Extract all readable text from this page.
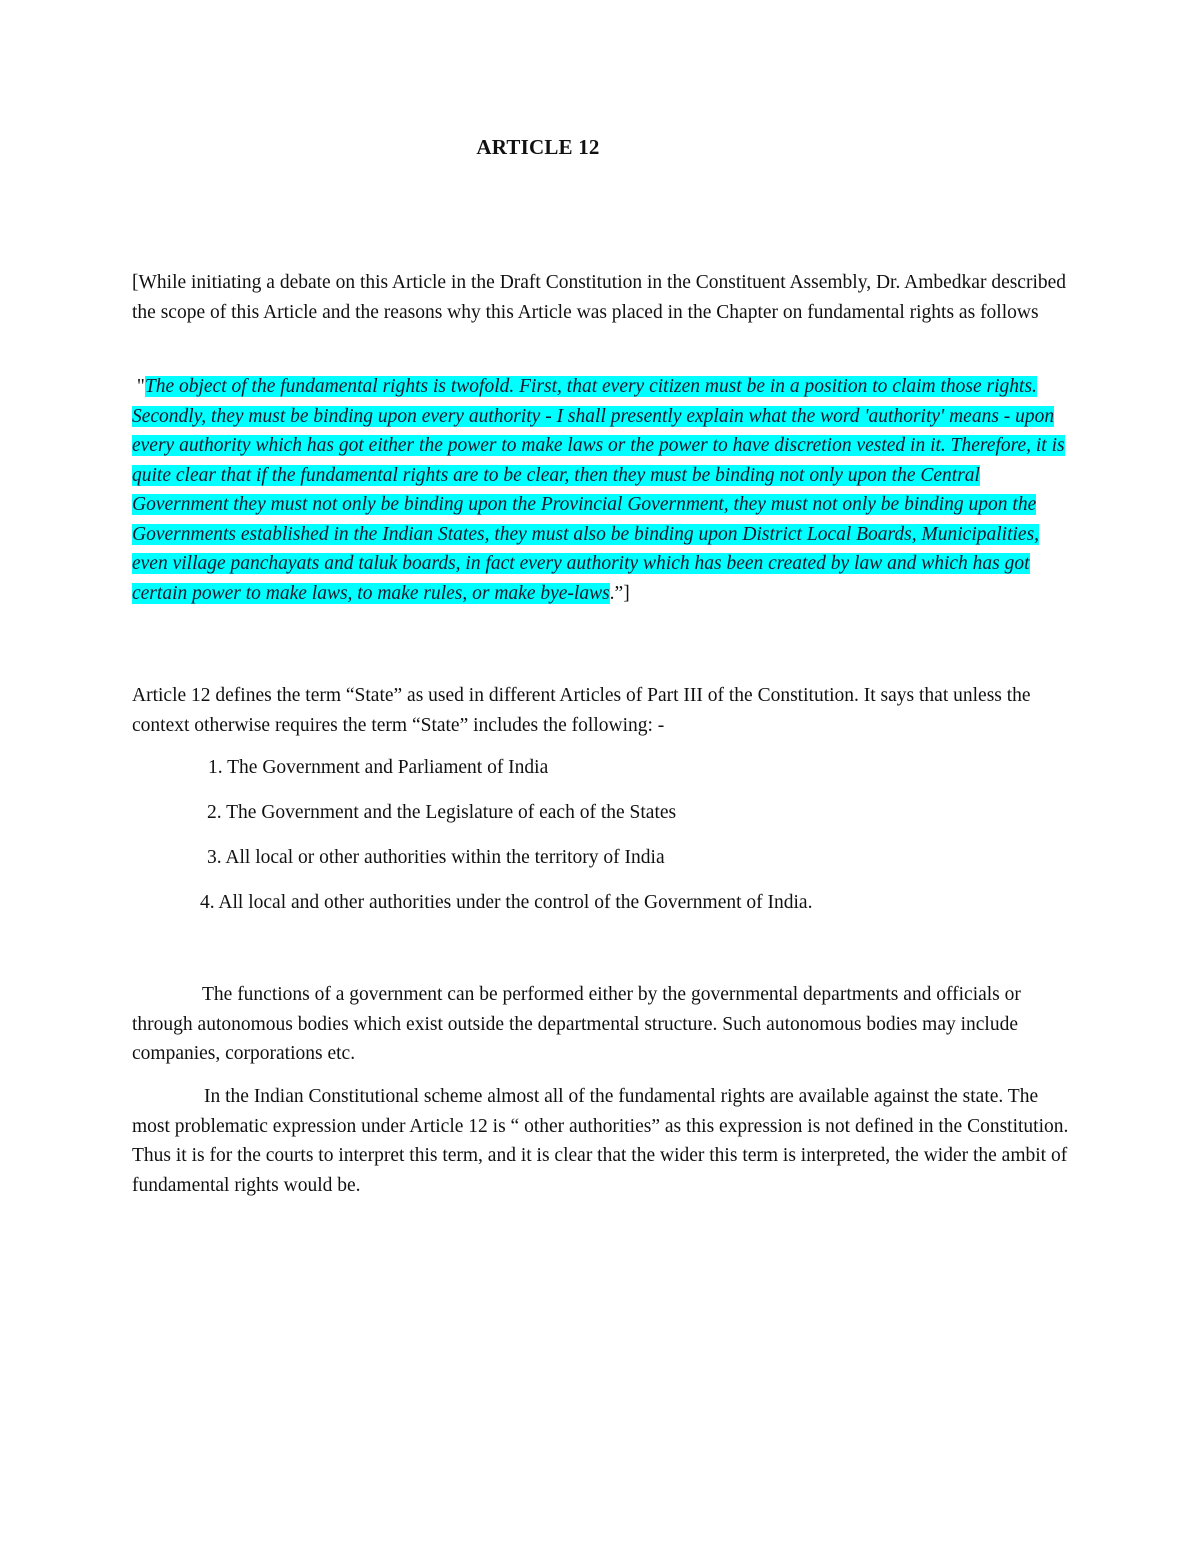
ARTICLE 12

[While initiating a debate on this Article in the Draft Constitution in the Constituent Assembly, Dr. Ambedkar described the scope of this Article and the reasons why this Article was placed in the Chapter on fundamental rights as follows

"The object of the fundamental rights is twofold. First, that every citizen must be in a position to claim those rights. Secondly, they must be binding upon every authority - I shall presently explain what the word 'authority' means - upon every authority which has got either the power to make laws or the power to have discretion vested in it. Therefore, it is quite clear that if the fundamental rights are to be clear, then they must be binding not only upon the Central Government they must not only be binding upon the Provincial Government, they must not only be binding upon the Governments established in the Indian States, they must also be binding upon District Local Boards, Municipalities, even village panchayats and taluk boards, in fact every authority which has been created by law and which has got certain power to make laws, to make rules, or make bye-laws.”]

Article 12 defines the term “State” as used in different Articles of Part III of the Constitution. It says that unless the context otherwise requires the term “State” includes the following: -

1. The Government and Parliament of India
2. The Government and the Legislature of each of the States
3. All local or other authorities within the territory of India
4. All local and other authorities under the control of the Government of India.

The functions of a government can be performed either by the governmental departments and officials or through autonomous bodies which exist outside the departmental structure. Such autonomous bodies may include companies, corporations etc.

In the Indian Constitutional scheme almost all of the fundamental rights are available against the state. The most problematic expression under Article 12 is “ other authorities” as this expression is not defined in the Constitution. Thus it is for the courts to interpret this term, and it is clear that the wider this term is interpreted, the wider the ambit of fundamental rights would be.
